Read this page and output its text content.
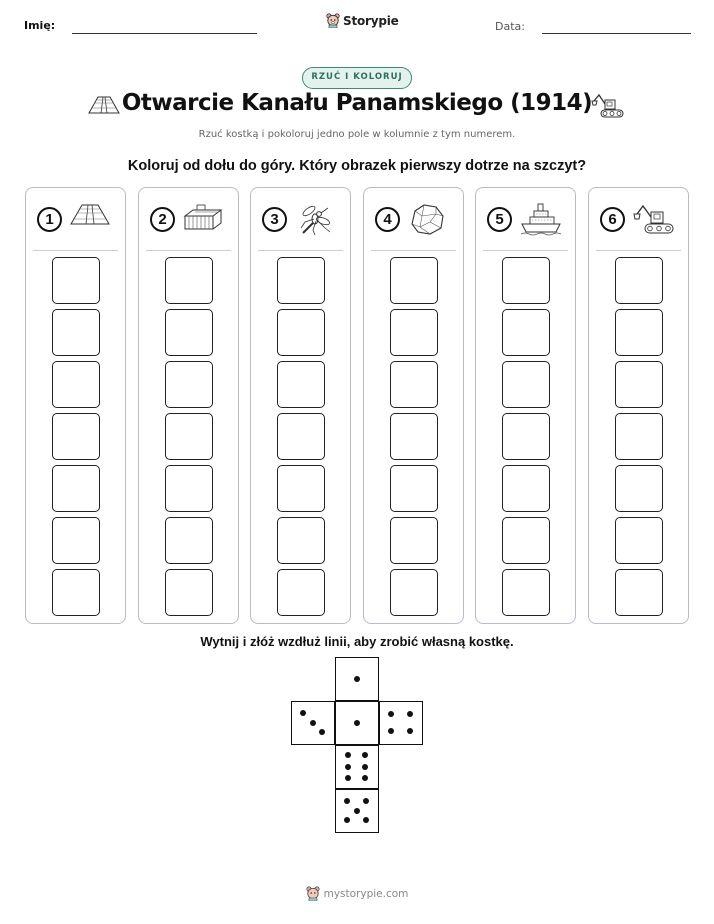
Imię:	Storypie	Data:
RZUĆ I KOLORUJ
Otwarcie Kanału Panamskiego (1914)
Rzuć kostką i pokoloruj jedno pole w kolumnie z tym numerem.
Koloruj od dołu do góry. Który obrazek pierwszy dotrze na szczyt?
1	2	3	4	5	6
Wytnij i złóż wzdłuż linii, aby zrobić własną kostkę.
mystorypie.com
